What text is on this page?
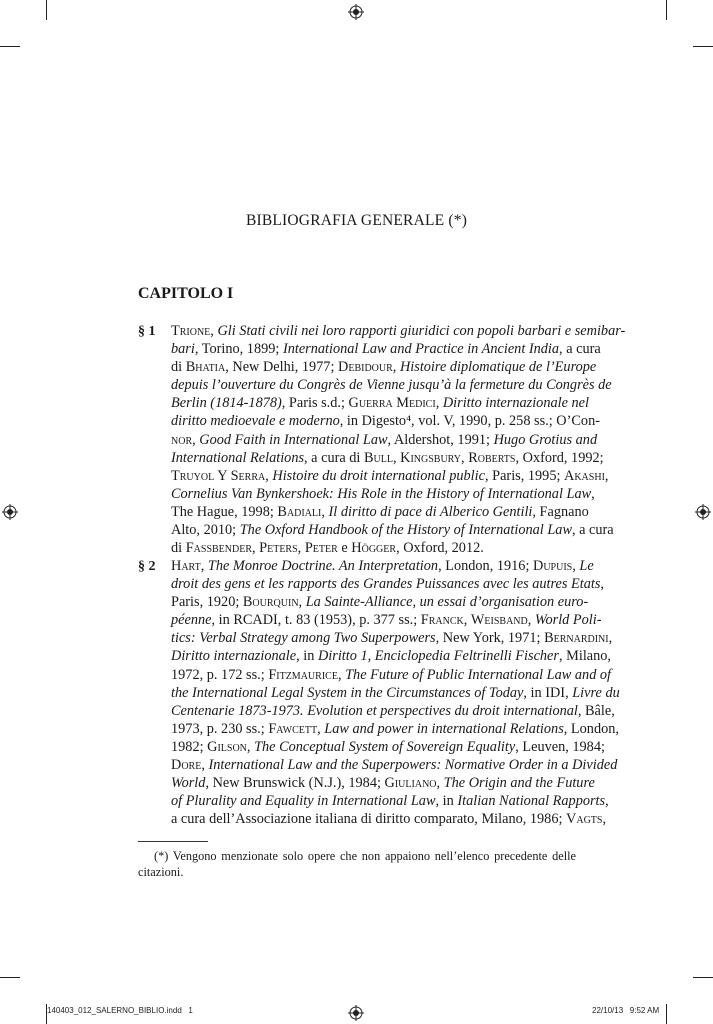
BIBLIOGRAFIA GENERALE (*)
CAPITOLO I
§ 1 Trione, Gli Stati civili nei loro rapporti giuridici con popoli barbari e semibar-
bari, Torino, 1899; International Law and Practice in Ancient India, a cura
di Bhatia, New Delhi, 1977; Debidour, Histoire diplomatique de l’Europe
depuis l’ouverture du Congrès de Vienne jusqu’à la fermeture du Congrès de
Berlin (1814-1878), Paris s.d.; Guerra Medici, Diritto internazionale nel
diritto medioevale e moderno, in Digesto⁴, vol. V, 1990, p. 258 ss.; O’Con-
nor, Good Faith in International Law, Aldershot, 1991; Hugo Grotius and
International Relations, a cura di Bull, Kingsbury, Roberts, Oxford, 1992;
Truyol Y Serra, Histoire du droit international public, Paris, 1995; Akashi,
Cornelius Van Bynkershoek: His Role in the History of International Law,
The Hague, 1998; Badiali, Il diritto di pace di Alberico Gentili, Fagnano
Alto, 2010; The Oxford Handbook of the History of International Law, a cura
di Fassbender, Peters, Peter e Högger, Oxford, 2012.
§ 2 Hart, The Monroe Doctrine. An Interpretation, London, 1916; Dupuis, Le
droit des gens et les rapports des Grandes Puissances avec les autres Etats,
Paris, 1920; Bourquin, La Sainte-Alliance, un essai d’organisation euro-
péenne, in RCADI, t. 83 (1953), p. 377 ss.; Franck, Weisband, World Poli-
tics: Verbal Strategy among Two Superpowers, New York, 1971; Bernardini,
Diritto internazionale, in Diritto 1, Enciclopedia Feltrinelli Fischer, Milano,
1972, p. 172 ss.; Fitzmaurice, The Future of Public International Law and of
the International Legal System in the Circumstances of Today, in IDI, Livre du
Centenarie 1873-1973. Evolution et perspectives du droit international, Bâle,
1973, p. 230 ss.; Fawcett, Law and power in international Relations, London,
1982; Gilson, The Conceptual System of Sovereign Equality, Leuven, 1984;
Dore, International Law and the Superpowers: Normative Order in a Divided
World, New Brunswick (N.J.), 1984; Giuliano, The Origin and the Future
of Plurality and Equality in International Law, in Italian National Rapports,
a cura dell’Associazione italiana di diritto comparato, Milano, 1986; Vagts,
(*) Vengono menzionate solo opere che non appaiono nell’elenco precedente delle
citazioni.
140403_012_SALERNO_BIBLIO.indd   1	22/10/13   9:52 AM
